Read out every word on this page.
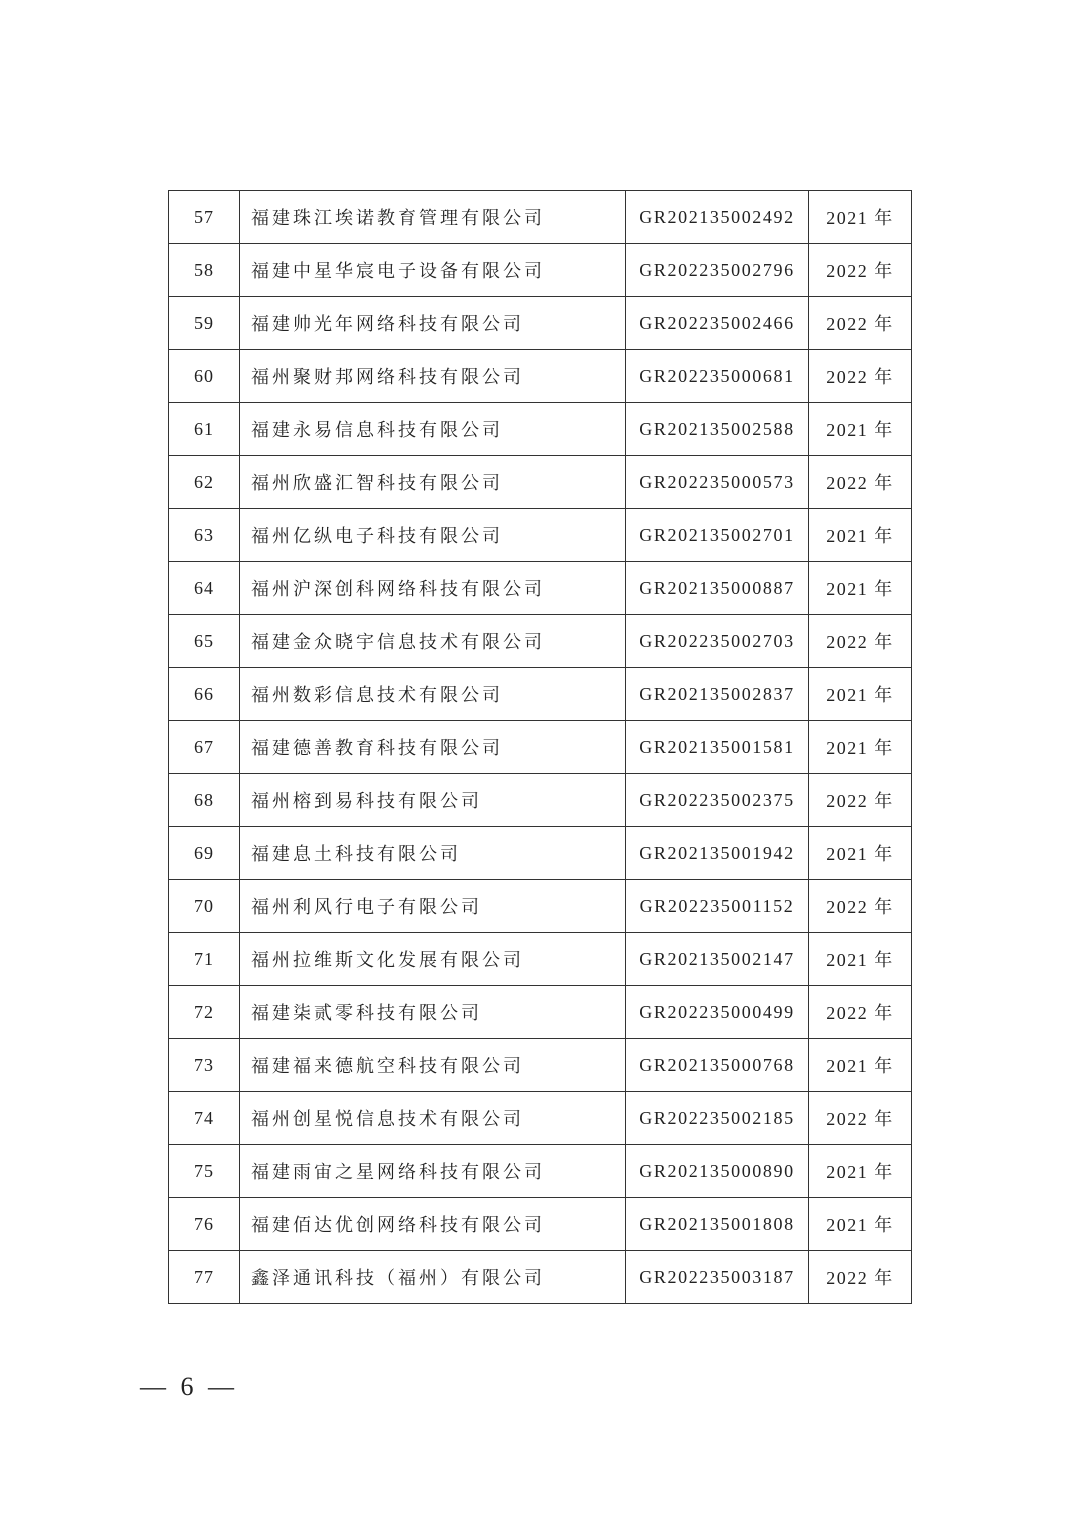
57	福建珠江埃诺教育管理有限公司	GR202135002492	2021 年
58	福建中星华宸电子设备有限公司	GR202235002796	2022 年
59	福建帅光年网络科技有限公司	GR202235002466	2022 年
60	福州聚财邦网络科技有限公司	GR202235000681	2022 年
61	福建永易信息科技有限公司	GR202135002588	2021 年
62	福州欣盛汇智科技有限公司	GR202235000573	2022 年
63	福州亿纵电子科技有限公司	GR202135002701	2021 年
64	福州沪深创科网络科技有限公司	GR202135000887	2021 年
65	福建金众晓宇信息技术有限公司	GR202235002703	2022 年
66	福州数彩信息技术有限公司	GR202135002837	2021 年
67	福建德善教育科技有限公司	GR202135001581	2021 年
68	福州榕到易科技有限公司	GR202235002375	2022 年
69	福建息土科技有限公司	GR202135001942	2021 年
70	福州利风行电子有限公司	GR202235001152	2022 年
71	福州拉维斯文化发展有限公司	GR202135002147	2021 年
72	福建柒贰零科技有限公司	GR202235000499	2022 年
73	福建福来德航空科技有限公司	GR202135000768	2021 年
74	福州创星悦信息技术有限公司	GR202235002185	2022 年
75	福建雨宙之星网络科技有限公司	GR202135000890	2021 年
76	福建佰达优创网络科技有限公司	GR202135001808	2021 年
77	鑫泽通讯科技（福州）有限公司	GR202235003187	2022 年
— 6 —
